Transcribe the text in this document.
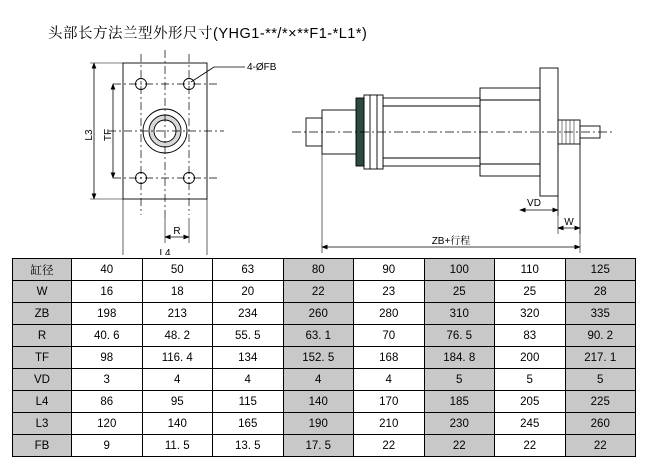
头部长方法兰型外形尺寸(YHG1-**/*×**F1-*L1*)
4-ØFB
L3 TF
R
L4
VD
W
ZB+行程
缸径	40	50	63	80	90	100	110	125
W	16	18	20	22	23	25	25	28
ZB	198	213	234	260	280	310	320	335
R	40. 6	48. 2	55. 5	63. 1	70	76. 5	83	90. 2
TF	98	116. 4	134	152. 5	168	184. 8	200	217. 1
VD	3	4	4	4	4	5	5	5
L4	86	95	115	140	170	185	205	225
L3	120	140	165	190	210	230	245	260
FB	9	11. 5	13. 5	17. 5	22	22	22	22
